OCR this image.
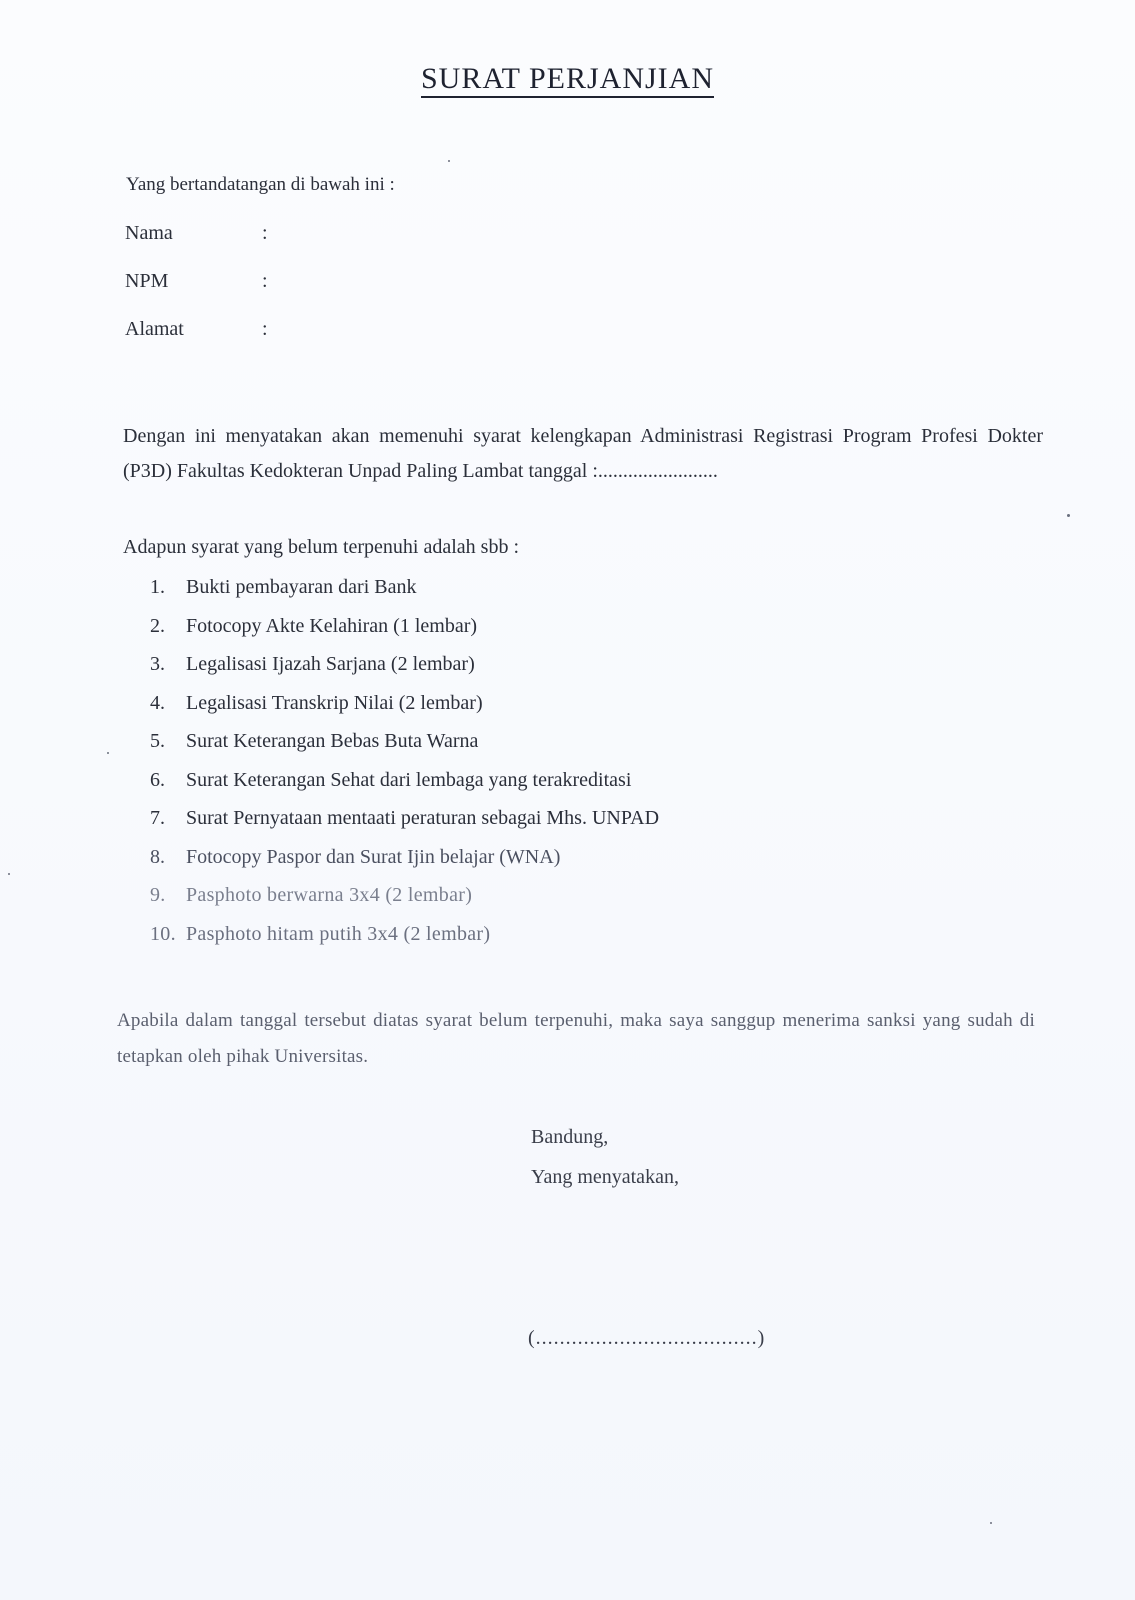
SURAT PERJANJIAN
Yang bertandatangan di bawah ini :
Nama	:
NPM	:
Alamat	:
Dengan ini menyatakan akan memenuhi syarat kelengkapan Administrasi Registrasi Program Profesi Dokter (P3D) Fakultas Kedokteran Unpad Paling Lambat tanggal :........................
Adapun syarat yang belum terpenuhi adalah sbb :
1. Bukti pembayaran dari Bank
2. Fotocopy Akte Kelahiran (1 lembar)
3. Legalisasi Ijazah Sarjana (2 lembar)
4. Legalisasi Transkrip Nilai (2 lembar)
5. Surat Keterangan Bebas Buta Warna
6. Surat Keterangan Sehat dari lembaga yang terakreditasi
7. Surat Pernyataan mentaati peraturan sebagai Mhs. UNPAD
8. Fotocopy Paspor dan Surat Ijin belajar (WNA)
9. Pasphoto berwarna 3x4 (2 lembar)
10. Pasphoto hitam putih 3x4 (2 lembar)
Apabila dalam tanggal tersebut diatas syarat belum terpenuhi, maka saya sanggup menerima sanksi yang sudah di tetapkan oleh pihak Universitas.
Bandung,
Yang menyatakan,
(.....................................)
